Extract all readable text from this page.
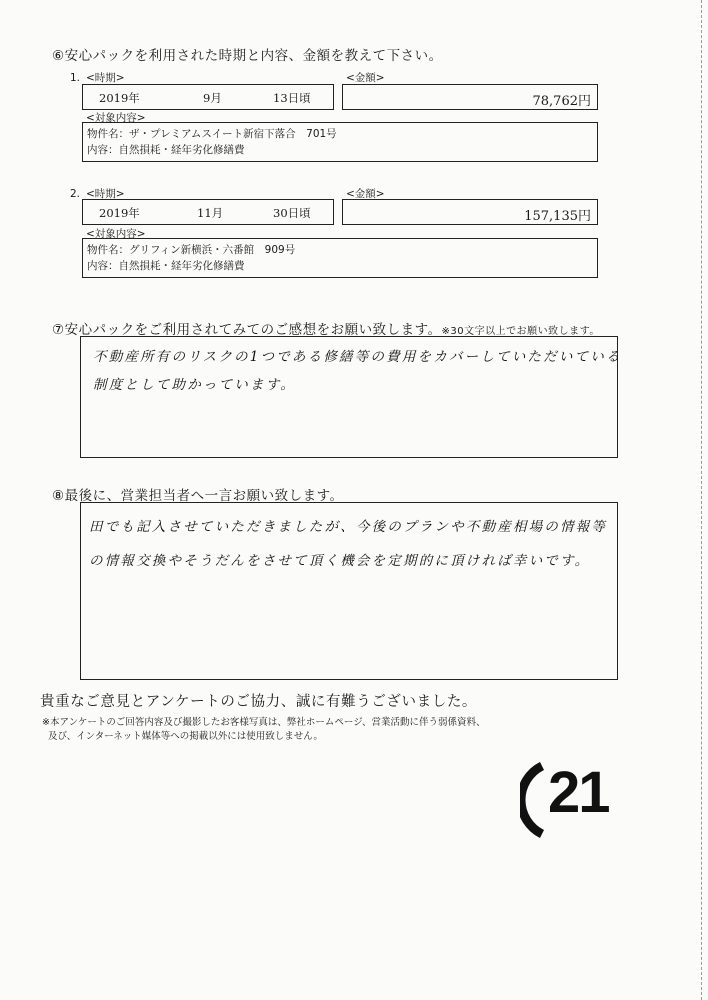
⑥安心パックを利用された時期と内容、金額を教えて下さい。
1. <時期>	<金額>
2019年	9月	13日頃	78,762円
<対象内容>
物件名：ザ・プレミアムスイート新宿下落合　701号
内容：自然損耗・経年劣化修繕費
2. <時期>	<金額>
2019年	11月	30日頃	157,135円
<対象内容>
物件名：グリフィン新横浜・六番館　909号
内容：自然損耗・経年劣化修繕費
⑦安心パックをご利用されてみてのご感想をお願い致します。※30文字以上でお願い致します。
不動産所有のリスクの1つである修繕等の費用をカバーしていただいている
制度として助かっています。
⑧最後に、営業担当者へ一言お願い致します。
田でも記入させていただきましたが、今後のプランや不動産相場の情報等
の情報交換やそうだんをさせて頂く機会を定期的に頂ければ幸いです。
貴重なご意見とアンケートのご協力、誠に有難うございました。
※本アンケートのご回答内容及び撮影したお客様写真は、弊社ホームページ、営業活動に伴う弱係資料、
及び、インターネット媒体等への掲載以外には使用致しません。
21
